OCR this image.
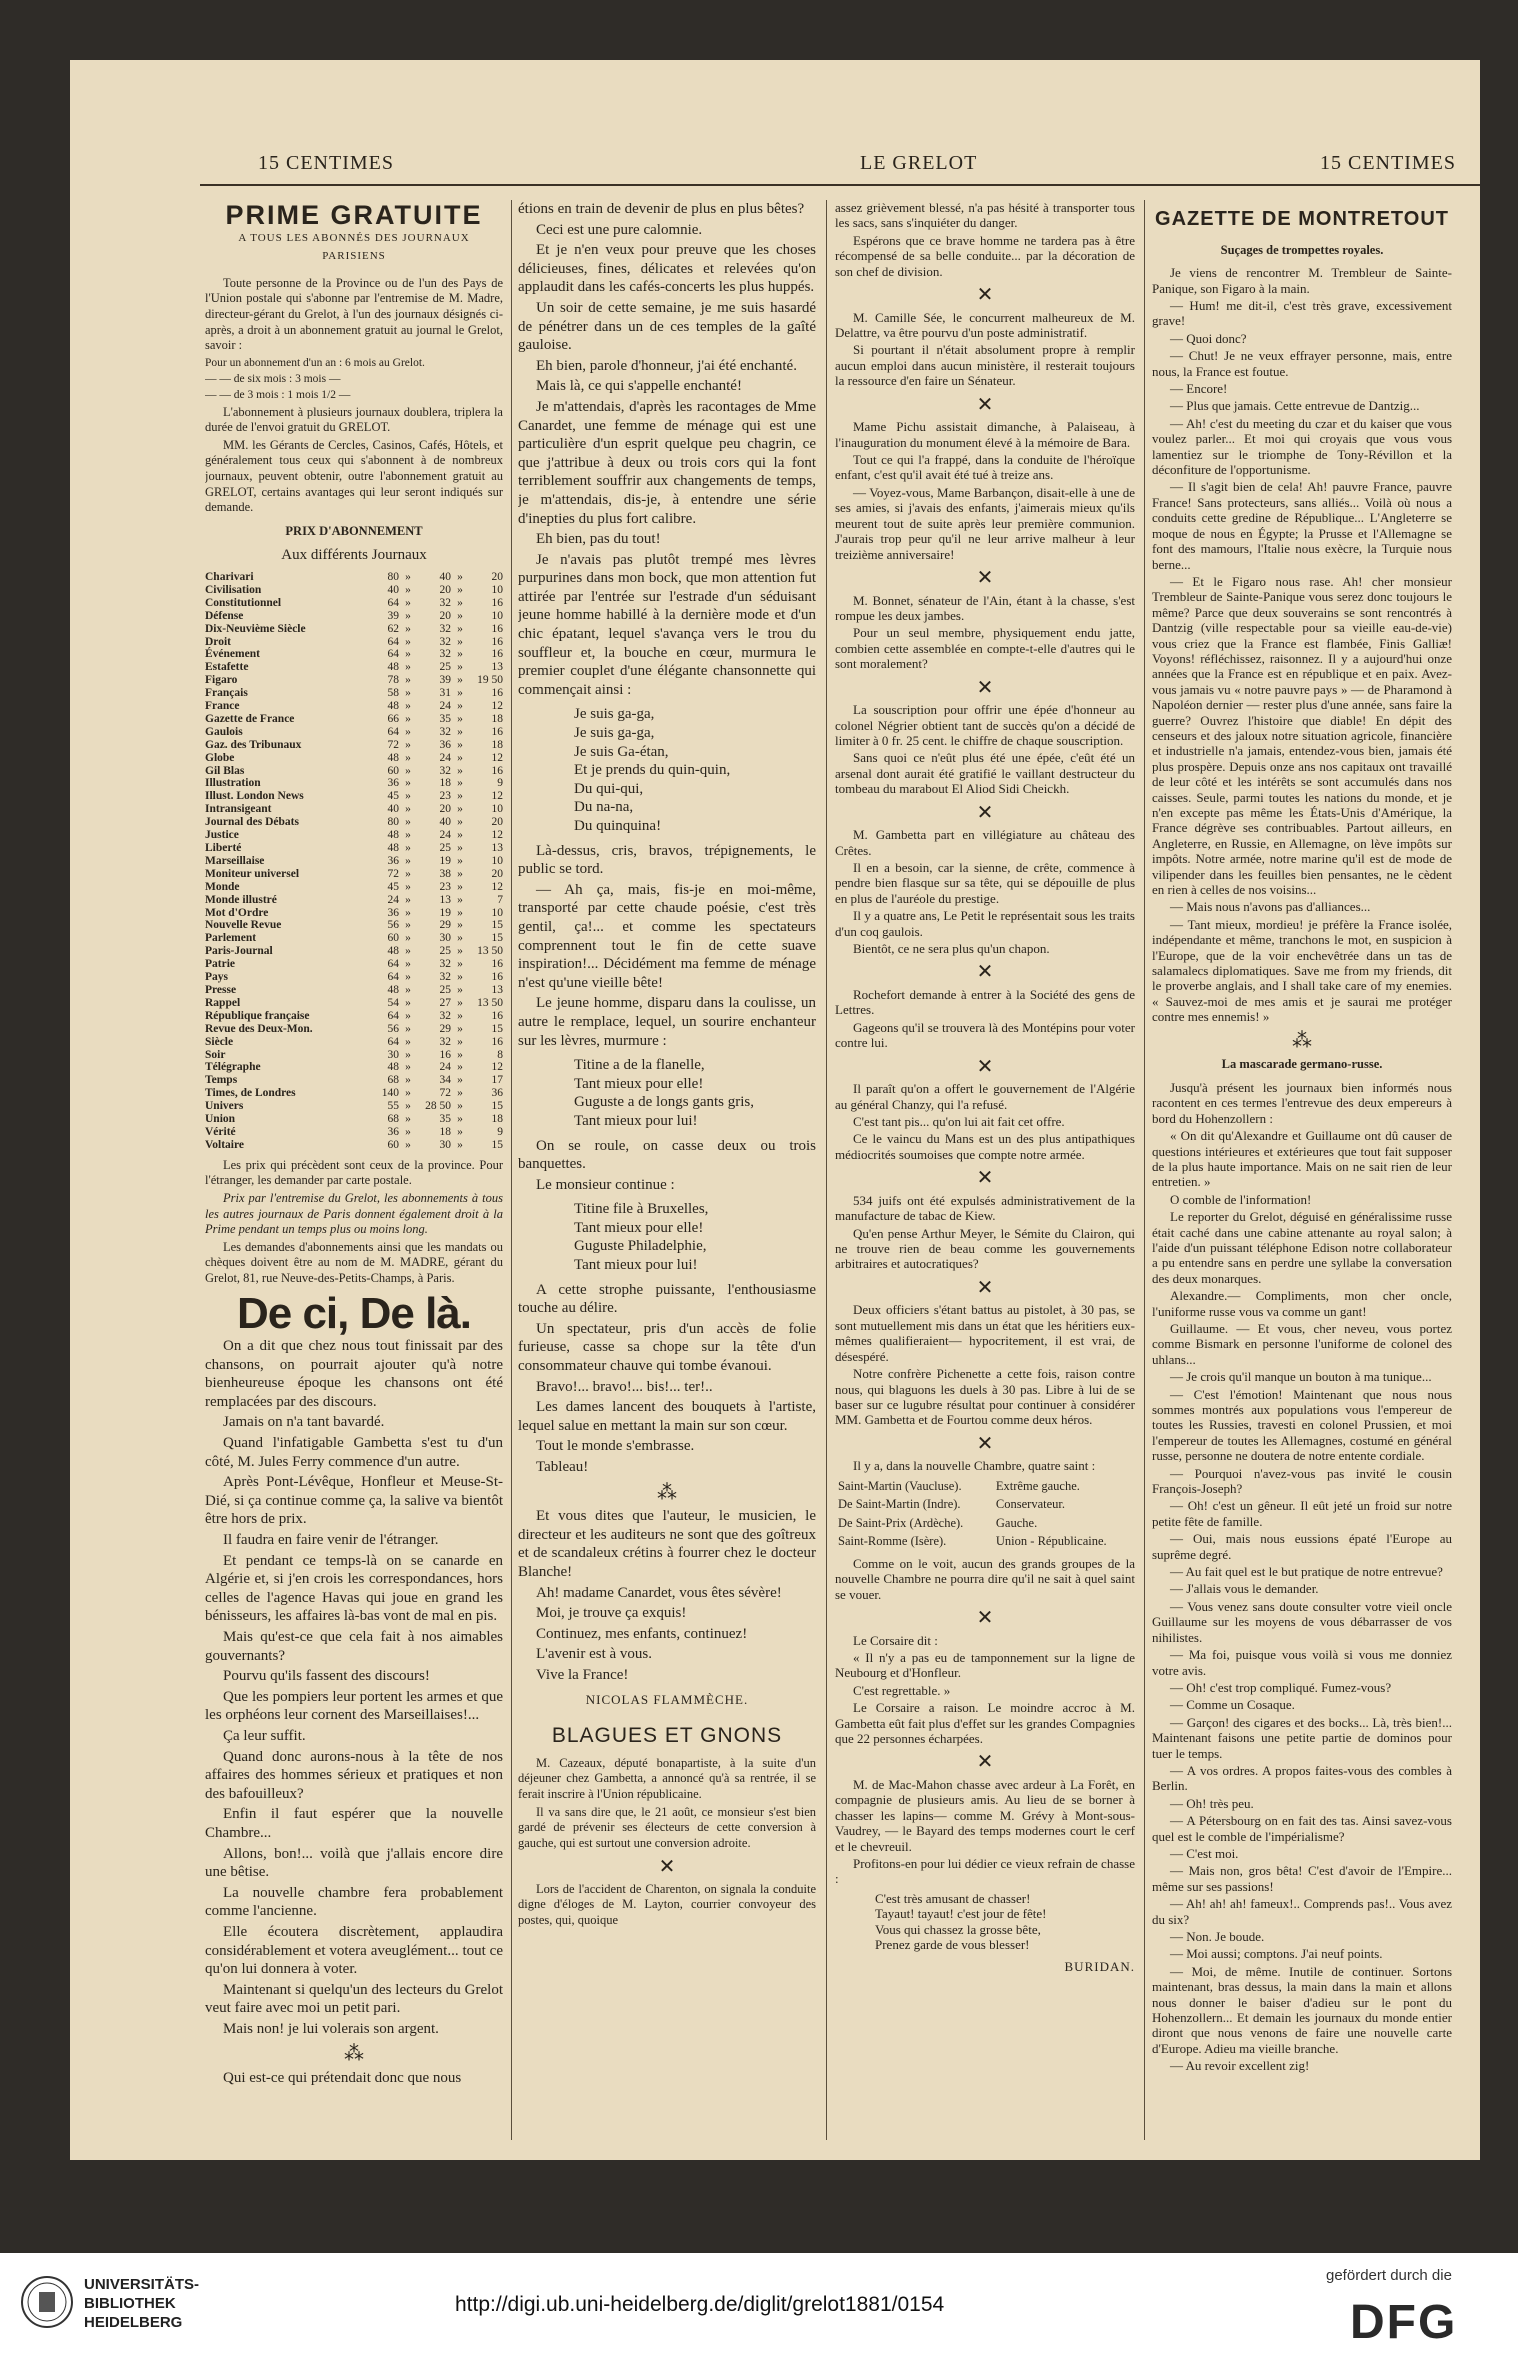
15 CENTIMES	LE GRELOT	15 CENTIMES
PRIME GRATUITE
A TOUS LES ABONNÉS DES JOURNAUX PARISIENS

Toute personne de la Province ou de l'un des Pays de l'Union postale qui s'abonne par l'entremise de M. Madre, directeur-gérant du Grelot, à l'un des journaux désignés ci-après, a droit à un abonnement gratuit au journal le Grelot, savoir :

Pour un abonnement d'un an : 6 mois au Grelot.

— — de six mois : 3 mois —

— — de 3 mois : 1 mois 1/2 —

L'abonnement à plusieurs journaux doublera, triplera la durée de l'envoi gratuit du GRELOT.

MM. les Gérants de Cercles, Casinos, Cafés, Hôtels, et généralement tous ceux qui s'abonnent à de nombreux journaux, peuvent obtenir, outre l'abonnement gratuit au GRELOT, certains avantages qui leur seront indiqués sur demande.

PRIX D'ABONNEMENT
Aux différents Journaux
Charivari	80	»	40	»	20
Civilisation	40	»	20	»	10
Constitutionnel	64	»	32	»	16
Défense	39	»	20	»	10
Dix-Neuvième Siècle	62	»	32	»	16
Droit	64	»	32	»	16
Événement	64	»	32	»	16
Estafette	48	»	25	»	13
Figaro	78	»	39	»	19 50
Français	58	»	31	»	16
France	48	»	24	»	12
Gazette de France	66	»	35	»	18
Gaulois	64	»	32	»	16
Gaz. des Tribunaux	72	»	36	»	18
Globe	48	»	24	»	12
Gil Blas	60	»	32	»	16
Illustration	36	»	18	»	9
Illust. London News	45	»	23	»	12
Intransigeant	40	»	20	»	10
Journal des Débats	80	»	40	»	20
Justice	48	»	24	»	12
Liberté	48	»	25	»	13
Marseillaise	36	»	19	»	10
Moniteur universel	72	»	38	»	20
Monde	45	»	23	»	12
Monde illustré	24	»	13	»	7
Mot d'Ordre	36	»	19	»	10
Nouvelle Revue	56	»	29	»	15
Parlement	60	»	30	»	15
Paris-Journal	48	»	25	»	13 50
Patrie	64	»	32	»	16
Pays	64	»	32	»	16
Presse	48	»	25	»	13
Rappel	54	»	27	»	13 50
République française	64	»	32	»	16
Revue des Deux-Mon.	56	»	29	»	15
Siècle	64	»	32	»	16
Soir	30	»	16	»	8
Télégraphe	48	»	24	»	12
Temps	68	»	34	»	17
Times, de Londres	140	»	72	»	36
Univers	55	»	28 50	»	15
Union	68	»	35	»	18
Vérité	36	»	18	»	9
Voltaire	60	»	30	»	15

Les prix qui précèdent sont ceux de la province. Pour l'étranger, les demander par carte postale.

Prix par l'entremise du Grelot, les abonnements à tous les autres journaux de Paris donnent également droit à la Prime pendant un temps plus ou moins long.

Les demandes d'abonnements ainsi que les mandats ou chèques doivent être au nom de M. MADRE, gérant du Grelot, 81, rue Neuve-des-Petits-Champs, à Paris.

De ci, De là.

On a dit que chez nous tout finissait par des chansons, on pourrait ajouter qu'à notre bienheureuse époque les chansons ont été remplacées par des discours.

Jamais on n'a tant bavardé.

Quand l'infatigable Gambetta s'est tu d'un côté, M. Jules Ferry commence d'un autre.

Après Pont-Lévêque, Honfleur et Meuse-St-Dié, si ça continue comme ça, la salive va bientôt être hors de prix.

Il faudra en faire venir de l'étranger.

Et pendant ce temps-là on se canarde en Algérie et, si j'en crois les correspondances, hors celles de l'agence Havas qui joue en grand les bénisseurs, les affaires là-bas vont de mal en pis.

Mais qu'est-ce que cela fait à nos aimables gouvernants?

Pourvu qu'ils fassent des discours!

Que les pompiers leur portent les armes et que les orphéons leur cornent des Marseillaises!...

Ça leur suffit.

Quand donc aurons-nous à la tête de nos affaires des hommes sérieux et pratiques et non des bafouilleux?

Enfin il faut espérer que la nouvelle Chambre...

Allons, bon!... voilà que j'allais encore dire une bêtise.

La nouvelle chambre fera probablement comme l'ancienne.

Elle écoutera discrètement, applaudira considérablement et votera aveuglément... tout ce qu'on lui donnera à voter.

Maintenant si quelqu'un des lecteurs du Grelot veut faire avec moi un petit pari.

Mais non! je lui volerais son argent.

⁂

Qui est-ce qui prétendait donc que nous

étions en train de devenir de plus en plus bêtes?

Ceci est une pure calomnie.

Et je n'en veux pour preuve que les choses délicieuses, fines, délicates et relevées qu'on applaudit dans les cafés-concerts les plus huppés.

Un soir de cette semaine, je me suis hasardé de pénétrer dans un de ces temples de la gaîté gauloise.

Eh bien, parole d'honneur, j'ai été enchanté.

Mais là, ce qui s'appelle enchanté!

Je m'attendais, d'après les racontages de Mme Canardet, une femme de ménage qui est une particulière d'un esprit quelque peu chagrin, ce que j'attribue à deux ou trois cors qui la font terriblement souffrir aux changements de temps, je m'attendais, dis-je, à entendre une série d'inepties du plus fort calibre.

Eh bien, pas du tout!

Je n'avais pas plutôt trempé mes lèvres purpurines dans mon bock, que mon attention fut attirée par l'entrée sur l'estrade d'un séduisant jeune homme habillé à la dernière mode et d'un chic épatant, lequel s'avança vers le trou du souffleur et, la bouche en cœur, murmura le premier couplet d'une élégante chansonnette qui commençait ainsi :

Je suis ga-ga,

Je suis ga-ga,

Je suis Ga-étan,

Et je prends du quin-quin,

Du qui-qui,

Du na-na,

Du quinquina!

Là-dessus, cris, bravos, trépignements, le public se tord.

— Ah ça, mais, fis-je en moi-même, transporté par cette chaude poésie, c'est très gentil, ça!... et comme les spectateurs comprennent tout le fin de cette suave inspiration!... Décidément ma femme de ménage n'est qu'une vieille bête!

Le jeune homme, disparu dans la coulisse, un autre le remplace, lequel, un sourire enchanteur sur les lèvres, murmure :

Titine a de la flanelle,

Tant mieux pour elle!

Guguste a de longs gants gris,

Tant mieux pour lui!

On se roule, on casse deux ou trois banquettes.

Le monsieur continue :

Titine file à Bruxelles,

Tant mieux pour elle!

Guguste Philadelphie,

Tant mieux pour lui!

A cette strophe puissante, l'enthousiasme touche au délire.

Un spectateur, pris d'un accès de folie furieuse, casse sa chope sur la tête d'un consommateur chauve qui tombe évanoui.

Bravo!... bravo!... bis!... ter!..

Les dames lancent des bouquets à l'artiste, lequel salue en mettant la main sur son cœur.

Tout le monde s'embrasse.

Tableau!

⁂

Et vous dites que l'auteur, le musicien, le directeur et les auditeurs ne sont que des goîtreux et de scandaleux crétins à fourrer chez le docteur Blanche!

Ah! madame Canardet, vous êtes sévère!

Moi, je trouve ça exquis!

Continuez, mes enfants, continuez!

L'avenir est à vous.

Vive la France!

NICOLAS FLAMMÈCHE.
BLAGUES ET GNONS

M. Cazeaux, député bonapartiste, à la suite d'un déjeuner chez Gambetta, a annoncé qu'à sa rentrée, il se ferait inscrire à l'Union républicaine.

Il va sans dire que, le 21 août, ce monsieur s'est bien gardé de prévenir ses électeurs de cette conversion à gauche, qui est surtout une conversion adroite.

✕

Lors de l'accident de Charenton, on signala la conduite digne d'éloges de M. Layton, courrier convoyeur des postes, qui, quoique

assez grièvement blessé, n'a pas hésité à transporter tous les sacs, sans s'inquiéter du danger.

Espérons que ce brave homme ne tardera pas à être récompensé de sa belle conduite... par la décoration de son chef de division.

✕

M. Camille Sée, le concurrent malheureux de M. Delattre, va être pourvu d'un poste administratif.

Si pourtant il n'était absolument propre à remplir aucun emploi dans aucun ministère, il resterait toujours la ressource d'en faire un Sénateur.

✕

Mame Pichu assistait dimanche, à Palaiseau, à l'inauguration du monument élevé à la mémoire de Bara.

Tout ce qui l'a frappé, dans la conduite de l'héroïque enfant, c'est qu'il avait été tué à treize ans.

— Voyez-vous, Mame Barbançon, disait-elle à une de ses amies, si j'avais des enfants, j'aimerais mieux qu'ils meurent tout de suite après leur première communion. J'aurais trop peur qu'il ne leur arrive malheur à leur treizième anniversaire!

✕

M. Bonnet, sénateur de l'Ain, étant à la chasse, s'est rompue les deux jambes.

Pour un seul membre, physiquement endu jatte, combien cette assemblée en compte-t-elle d'autres qui le sont moralement?

✕

La souscription pour offrir une épée d'honneur au colonel Négrier obtient tant de succès qu'on a décidé de limiter à 0 fr. 25 cent. le chiffre de chaque souscription.

Sans quoi ce n'eût plus été une épée, c'eût été un arsenal dont aurait été gratifié le vaillant destructeur du tombeau du marabout El Aliod Sidi Cheickh.

✕

M. Gambetta part en villégiature au château des Crêtes.

Il en a besoin, car la sienne, de crête, commence à pendre bien flasque sur sa tête, qui se dépouille de plus en plus de l'auréole du prestige.

Il y a quatre ans, Le Petit le représentait sous les traits d'un coq gaulois.

Bientôt, ce ne sera plus qu'un chapon.

✕

Rochefort demande à entrer à la Société des gens de Lettres.

Gageons qu'il se trouvera là des Montépins pour voter contre lui.

✕

Il paraît qu'on a offert le gouvernement de l'Algérie au général Chanzy, qui l'a refusé.

C'est tant pis... qu'on lui ait fait cet offre.

Ce le vaincu du Mans est un des plus antipathiques médiocrités soumoises que compte notre armée.

✕

534 juifs ont été expulsés administrativement de la manufacture de tabac de Kiew.

Qu'en pense Arthur Meyer, le Sémite du Clairon, qui ne trouve rien de beau comme les gouvernements arbitraires et autocratiques?

✕

Deux officiers s'étant battus au pistolet, à 30 pas, se sont mutuellement mis dans un état que les héritiers eux-mêmes qualifieraient— hypocritement, il est vrai, de désespéré.

Notre confrère Pichenette a cette fois, raison contre nous, qui blaguons les duels à 30 pas. Libre à lui de se baser sur ce lugubre résultat pour continuer à considérer MM. Gambetta et de Fourtou comme deux héros.

✕

Il y a, dans la nouvelle Chambre, quatre saint :

Saint-Martin (Vaucluse).	Extrême gauche.
De Saint-Martin (Indre).	Conservateur.
De Saint-Prix (Ardèche).	Gauche.
Saint-Romme (Isère).	Union - Républicaine.

Comme on le voit, aucun des grands groupes de la nouvelle Chambre ne pourra dire qu'il ne sait à quel saint se vouer.

✕

Le Corsaire dit :

« Il n'y a pas eu de tamponnement sur la ligne de Neubourg et d'Honfleur.

C'est regrettable. »

Le Corsaire a raison. Le moindre accroc à M. Gambetta eût fait plus d'effet sur les grandes Compagnies que 22 personnes écharpées.

✕

M. de Mac-Mahon chasse avec ardeur à La Forêt, en compagnie de plusieurs amis. Au lieu de se borner à chasser les lapins— comme M. Grévy à Mont-sous-Vaudrey, — le Bayard des temps modernes court le cerf et le chevreuil.

Profitons-en pour lui dédier ce vieux refrain de chasse :

C'est très amusant de chasser!

Tayaut! tayaut! c'est jour de fête!

Vous qui chassez la grosse bête,

Prenez garde de vous blesser!

BURIDAN.
GAZETTE DE MONTRETOUT
Suçages de trompettes royales.

Je viens de rencontrer M. Trembleur de Sainte-Panique, son Figaro à la main.

— Hum! me dit-il, c'est très grave, excessivement grave!

— Quoi donc?

— Chut! Je ne veux effrayer personne, mais, entre nous, la France est foutue.

— Encore!

— Plus que jamais. Cette entrevue de Dantzig...

— Ah! c'est du meeting du czar et du kaiser que vous voulez parler... Et moi qui croyais que vous vous lamentiez sur le triomphe de Tony-Révillon et la déconfiture de l'opportunisme.

— Il s'agit bien de cela! Ah! pauvre France, pauvre France! Sans protecteurs, sans alliés... Voilà où nous a conduits cette gredine de République... L'Angleterre se moque de nous en Égypte; la Prusse et l'Allemagne se font des mamours, l'Italie nous exècre, la Turquie nous berne...

— Et le Figaro nous rase. Ah! cher monsieur Trembleur de Sainte-Panique vous serez donc toujours le même? Parce que deux souverains se sont rencontrés à Dantzig (ville respectable pour sa vieille eau-de-vie) vous criez que la France est flambée, Finis Galliæ! Voyons! réfléchissez, raisonnez. Il y a aujourd'hui onze années que la France est en république et en paix. Avez-vous jamais vu « notre pauvre pays » — de Pharamond à Napoléon dernier — rester plus d'une année, sans faire la guerre? Ouvrez l'histoire que diable! En dépit des censeurs et des jaloux notre situation agricole, financière et industrielle n'a jamais, entendez-vous bien, jamais été plus prospère. Depuis onze ans nos capitaux ont travaillé de leur côté et les intérêts se sont accumulés dans nos caisses. Seule, parmi toutes les nations du monde, et je n'en excepte pas même les États-Unis d'Amérique, la France dégrève ses contribuables. Partout ailleurs, en Angleterre, en Russie, en Allemagne, on lève impôts sur impôts. Notre armée, notre marine qu'il est de mode de vilipender dans les feuilles bien pensantes, ne le cèdent en rien à celles de nos voisins...

— Mais nous n'avons pas d'alliances...

— Tant mieux, mordieu! je préfère la France isolée, indépendante et même, tranchons le mot, en suspicion à l'Europe, que de la voir enchevêtrée dans un tas de salamalecs diplomatiques. Save me from my friends, dit le proverbe anglais, and I shall take care of my enemies. « Sauvez-moi de mes amis et je saurai me protéger contre mes ennemis! »

⁂
La mascarade germano-russe.

Jusqu'à présent les journaux bien informés nous racontent en ces termes l'entrevue des deux empereurs à bord du Hohenzollern :

« On dit qu'Alexandre et Guillaume ont dû causer de questions intérieures et extérieures que tout fait supposer de la plus haute importance. Mais on ne sait rien de leur entretien. »

O comble de l'information!

Le reporter du Grelot, déguisé en généralissime russe était caché dans une cabine attenante au royal salon; à l'aide d'un puissant téléphone Edison notre collaborateur a pu entendre sans en perdre une syllabe la conversation des deux monarques.

Alexandre.— Compliments, mon cher oncle, l'uniforme russe vous va comme un gant!

Guillaume. — Et vous, cher neveu, vous portez comme Bismark en personne l'uniforme de colonel des uhlans...

— Je crois qu'il manque un bouton à ma tunique...

— C'est l'émotion! Maintenant que nous nous sommes montrés aux populations vous l'empereur de toutes les Russies, travesti en colonel Prussien, et moi l'empereur de toutes les Allemagnes, costumé en général russe, personne ne doutera de notre entente cordiale.

— Pourquoi n'avez-vous pas invité le cousin François-Joseph?

— Oh! c'est un gêneur. Il eût jeté un froid sur notre petite fête de famille.

— Oui, mais nous eussions épaté l'Europe au suprême degré.

— Au fait quel est le but pratique de notre entrevue?

— J'allais vous le demander.

— Vous venez sans doute consulter votre vieil oncle Guillaume sur les moyens de vous débarrasser de vos nihilistes.

— Ma foi, puisque vous voilà si vous me donniez votre avis.

— Oh! c'est trop compliqué. Fumez-vous?

— Comme un Cosaque.

— Garçon! des cigares et des bocks... Là, très bien!... Maintenant faisons une petite partie de dominos pour tuer le temps.

— A vos ordres. A propos faites-vous des combles à Berlin.

— Oh! très peu.

— A Pétersbourg on en fait des tas. Ainsi savez-vous quel est le comble de l'impérialisme?

— C'est moi.

— Mais non, gros bêta! C'est d'avoir de l'Empire... même sur ses passions!

— Ah! ah! ah! fameux!.. Comprends pas!.. Vous avez du six?

— Non. Je boude.

— Moi aussi; comptons. J'ai neuf points.

— Moi, de même. Inutile de continuer. Sortons maintenant, bras dessus, la main dans la main et allons nous donner le baiser d'adieu sur le pont du Hohenzollern... Et demain les journaux du monde entier diront que nous venons de faire une nouvelle carte d'Europe. Adieu ma vieille branche.

— Au revoir excellent zig!

UNIVERSITÄTS-
BIBLIOTHEK
HEIDELBERG
http://digi.ub.uni-heidelberg.de/diglit/grelot1881/0154
gefördert durch die
DFG
